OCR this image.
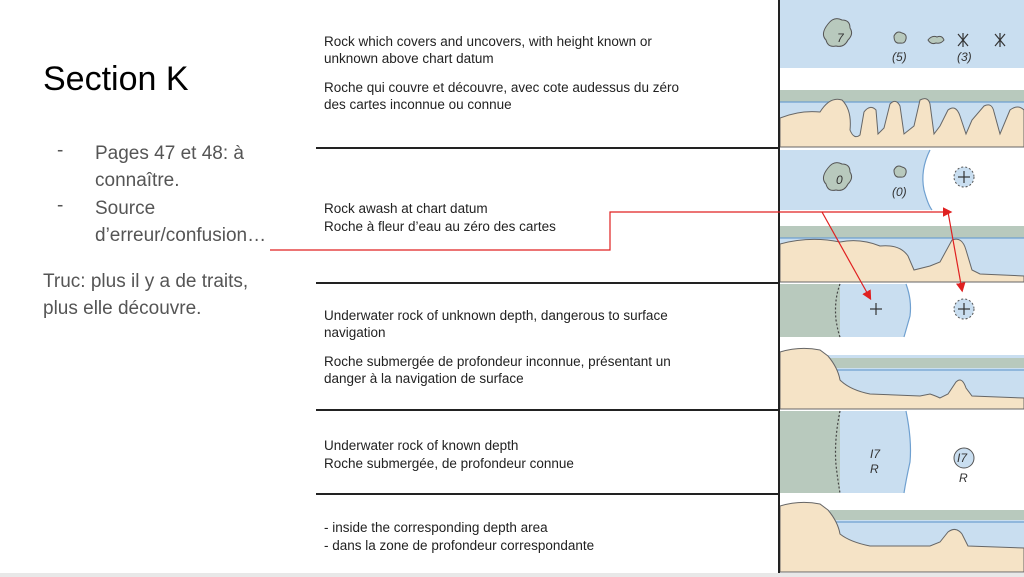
Section K
- Pages 47 et 48: à
connaître.
- Source
d’erreur/confusion…
Truc: plus il y a de traits,
plus elle découvre.
Rock which covers and uncovers, with height known or
unknown above chart datum
Roche qui couvre et découvre, avec cote audessus du zéro
des cartes inconnue ou connue
Rock awash at chart datum
Roche à fleur d’eau au zéro des cartes
Underwater rock of unknown depth, dangerous to surface
navigation
Roche submergée de profondeur inconnue, présentant un
danger à la navigation de surface
Underwater rock of known depth
Roche submergée, de profondeur connue
- inside the corresponding depth area
- dans la zone de profondeur correspondante
7
(5)	(3)
0
(0)
I7
R
I7
R
